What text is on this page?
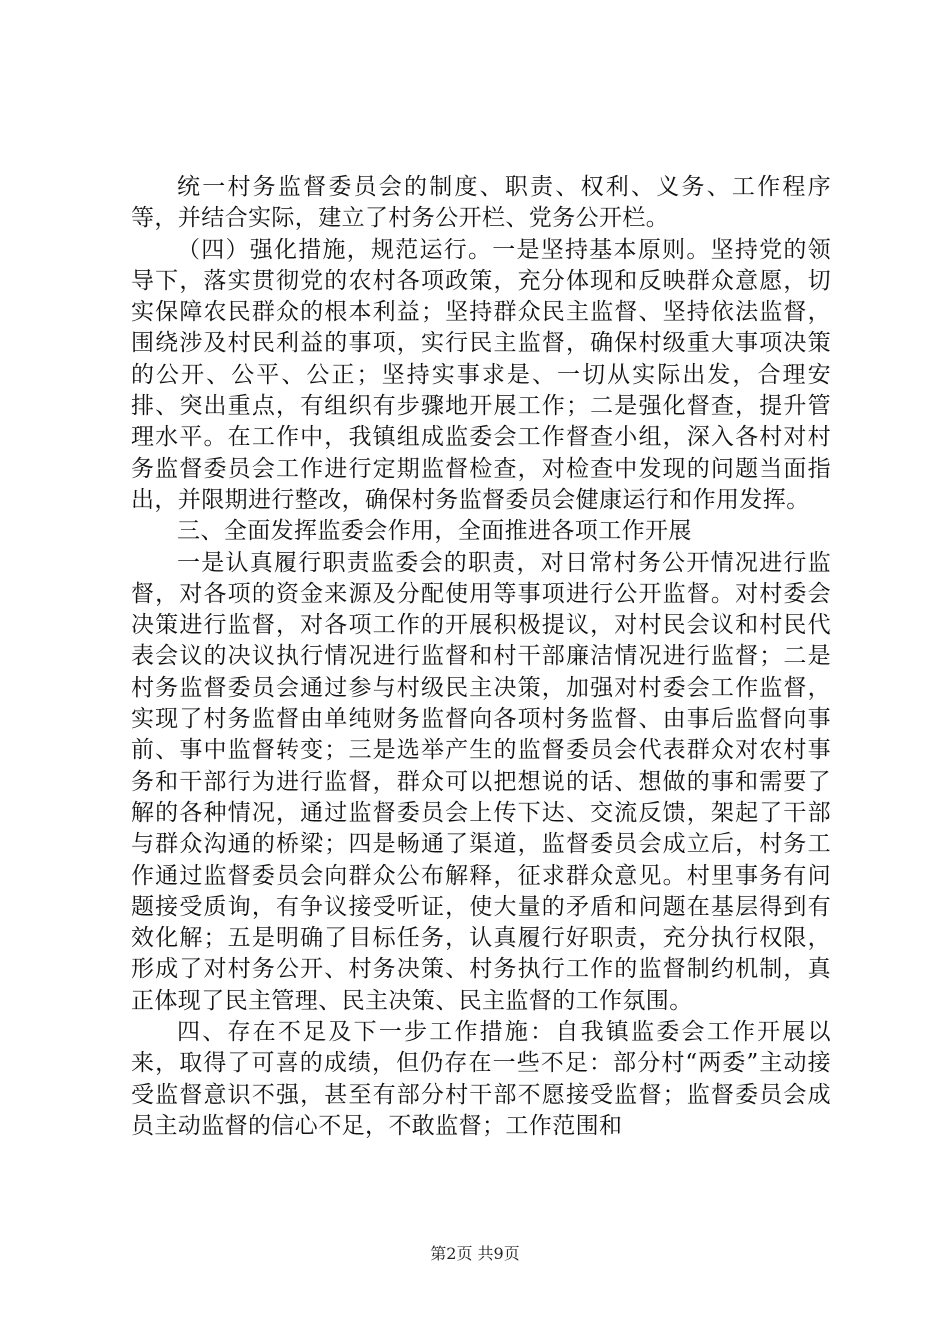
统一村务监督委员会的制度、职责、权利、义务、工作程序等，并结合实际，建立了村务公开栏、党务公开栏。

（四）强化措施，规范运行。一是坚持基本原则。坚持党的领导下，落实贯彻党的农村各项政策，充分体现和反映群众意愿，切实保障农民群众的根本利益；坚持群众民主监督、坚持依法监督，围绕涉及村民利益的事项，实行民主监督，确保村级重大事项决策的公开、公平、公正；坚持实事求是、一切从实际出发，合理安排、突出重点，有组织有步骤地开展工作；二是强化督查，提升管理水平。在工作中，我镇组成监委会工作督查小组，深入各村对村务监督委员会工作进行定期监督检查，对检查中发现的问题当面指出，并限期进行整改，确保村务监督委员会健康运行和作用发挥。

三、全面发挥监委会作用，全面推进各项工作开展

一是认真履行职责监委会的职责，对日常村务公开情况进行监督，对各项的资金来源及分配使用等事项进行公开监督。对村委会决策进行监督，对各项工作的开展积极提议，对村民会议和村民代表会议的决议执行情况进行监督和村干部廉洁情况进行监督；二是村务监督委员会通过参与村级民主决策，加强对村委会工作监督，实现了村务监督由单纯财务监督向各项村务监督、由事后监督向事前、事中监督转变；三是选举产生的监督委员会代表群众对农村事务和干部行为进行监督，群众可以把想说的话、想做的事和需要了解的各种情况，通过监督委员会上传下达、交流反馈，架起了干部与群众沟通的桥梁；四是畅通了渠道，监督委员会成立后，村务工作通过监督委员会向群众公布解释，征求群众意见。村里事务有问题接受质询，有争议接受听证，使大量的矛盾和问题在基层得到有效化解；五是明确了目标任务，认真履行好职责，充分执行权限，形成了对村务公开、村务决策、村务执行工作的监督制约机制，真正体现了民主管理、民主决策、民主监督的工作氛围。

四、存在不足及下一步工作措施：自我镇监委会工作开展以来，取得了可喜的成绩，但仍存在一些不足：部分村“两委”主动接受监督意识不强，甚至有部分村干部不愿接受监督；监督委员会成员主动监督的信心不足，不敢监督；工作范围和

第2页 共9页
